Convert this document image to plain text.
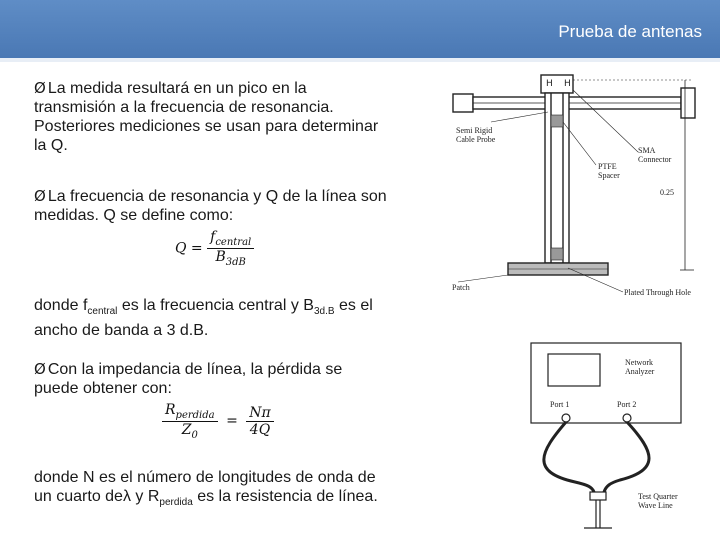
Prueba de antenas
Ø La medida resultará en un pico en la
transmisión a la frecuencia de resonancia.
Posteriores mediciones se usan para determinar
la Q.
Ø La frecuencia de resonancia y Q de la línea son
medidas. Q se define como:
$Q = \frac{f_{central}}{B_{3dB}}$
donde $f_{central}$ es la frecuencia central y $B_{3d.B}$ es el
ancho de banda a 3 d.B.
Ø Con la impedancia de línea, la pérdida se
puede obtener con:
$\frac{R_{perdida}}{Z_0} = \frac{N\pi}{4Q}$
donde N es el número de longitudes de onda de
un cuarto deλ y $R_{perdida}$ es la resistencia de línea.
H H
Semi Rigid
Cable Probe
PTFE
Spacer
SMA
Connector
0.25
Patch
Plated Through Hole
Network
Analyzer
Port 1	Port 2
Test Quarter
Wave Line
